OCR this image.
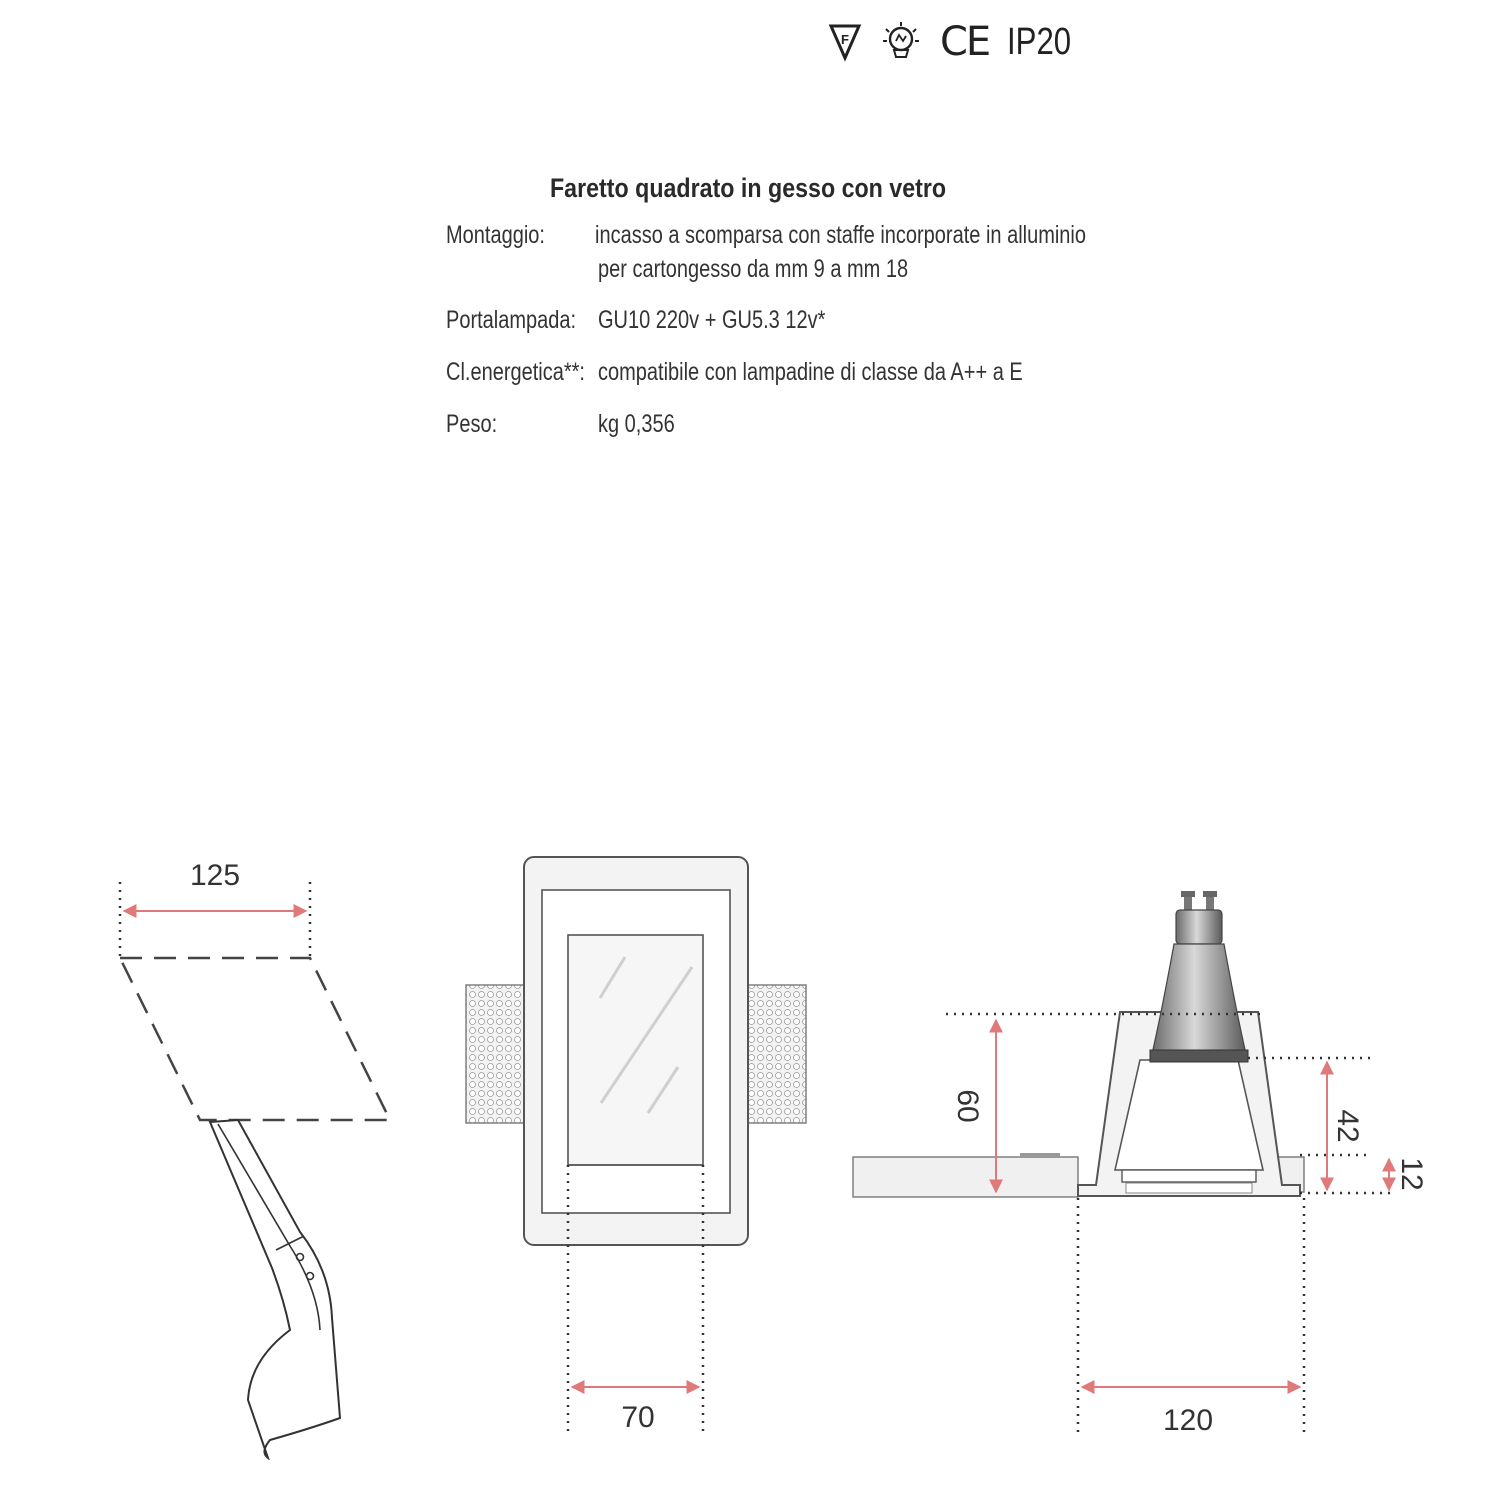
F CE IP20
Faretto quadrato in gesso con vetro
Montaggio: incasso a scomparsa con staffe incorporate in alluminio
per cartongesso da mm 9 a mm 18
Portalampada: GU10 220v + GU5.3 12v*
Cl.energetica**: compatibile con lampadine di classe da A++ a E
Peso:	kg 0,356
125
70
60
42
12
120
